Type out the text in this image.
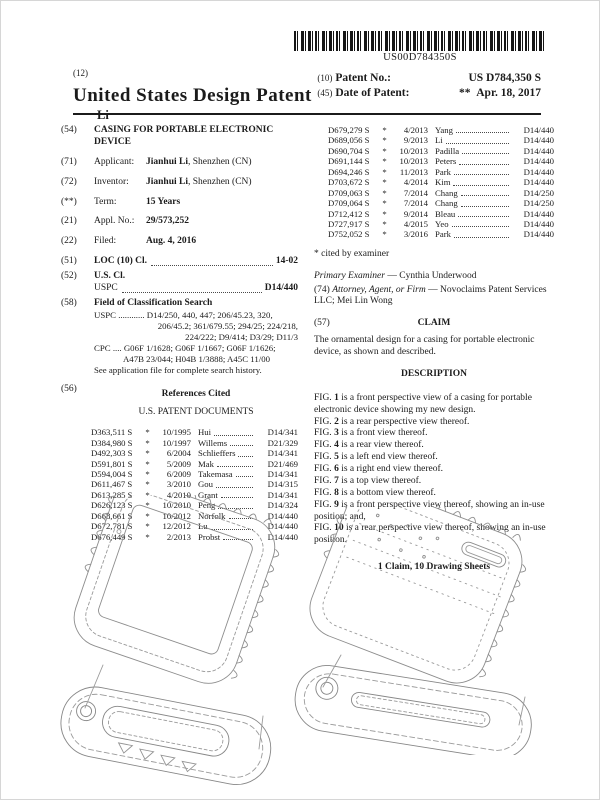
US00D784350S
$^{(12)}$ United States Design Patent
Li
(10) Patent No.:	US D784,350 S
(45) Date of Patent:	** Apr. 18, 2017
(54)	CASING FOR PORTABLE ELECTRONIC DEVICE
(71)	Applicant: Jianhui Li, Shenzhen (CN)
(72)	Inventor: Jianhui Li, Shenzhen (CN)
(**)	Term:	15 Years
(21)	Appl. No.: 29/573,252
(22)	Filed:	Aug. 4, 2016
(51)	LOC (10) Cl.	14-02
(52)	U.S. Cl.
USPC	D14/440
(58)	Field of Classification Search
USPC ............ D14/250, 440, 447; 206/45.23, 320,
206/45.2; 361/679.55; 294/25; 224/218,
224/222; D9/414; D3/29; D11/3
CPC .... G06F 1/1628; G06F 1/1667; G06F 1/1626;
A47B 23/044; H04B 1/3888; A45C 11/00
See application file for complete search history.
(56)	References Cited
U.S. PATENT DOCUMENTS
D363,511 S	*	10/1995 Hui	D14/341
D384,980 S	*	10/1997 Willems	D21/329
D492,303 S	*	6/2004 Schlieffers	D14/341
D591,801 S	*	5/2009 Mak	D21/469
D594,004 S	*	6/2009 Takemasa	D14/341
D611,467 S	*	3/2010 Gou	D14/315
D613,285 S	*	4/2010 Grant	D14/341
D626,123 S	*	10/2010 Peng	D14/324
D668,661 S	*	10/2012 Norfolk	D14/440
D672,781 S	*	12/2012 Lu	D14/440
D676,449 S	*	2/2013 Probst	D14/440
D679,279 S	*	4/2013 Yang	D14/440
D689,056 S	*	9/2013 Li	D14/440
D690,704 S	*	10/2013 Padilla	D14/440
D691,144 S	*	10/2013 Peters	D14/440
D694,246 S	*	11/2013 Park	D14/440
D703,672 S	*	4/2014 Kim	D14/440
D709,063 S	*	7/2014 Chang	D14/250
D709,064 S	*	7/2014 Chang	D14/250
D712,412 S	*	9/2014 Bleau	D14/440
D727,917 S	*	4/2015 Yeo	D14/440
D752,052 S	*	3/2016 Park	D14/440
* cited by examiner
Primary Examiner — Cynthia Underwood
(74) Attorney, Agent, or Firm — Novoclaims Patent Services LLC; Mei Lin Wong
(57)	CLAIM
The ornamental design for a casing for portable electronic device, as shown and described.
DESCRIPTION
FIG. 1 is a front perspective view of a casing for portable electronic device showing my new design.
FIG. 2 is a rear perspective view thereof.
FIG. 3 is a front view thereof.
FIG. 4 is a rear view thereof.
FIG. 5 is a left end view thereof.
FIG. 6 is a right end view thereof.
FIG. 7 is a top view thereof.
FIG. 8 is a bottom view thereof.
FIG. 9 is a front perspective view thereof, showing an in-use position; and,
FIG. 10 is a rear perspective view thereof, showing an in-use position.
1 Claim, 10 Drawing Sheets
